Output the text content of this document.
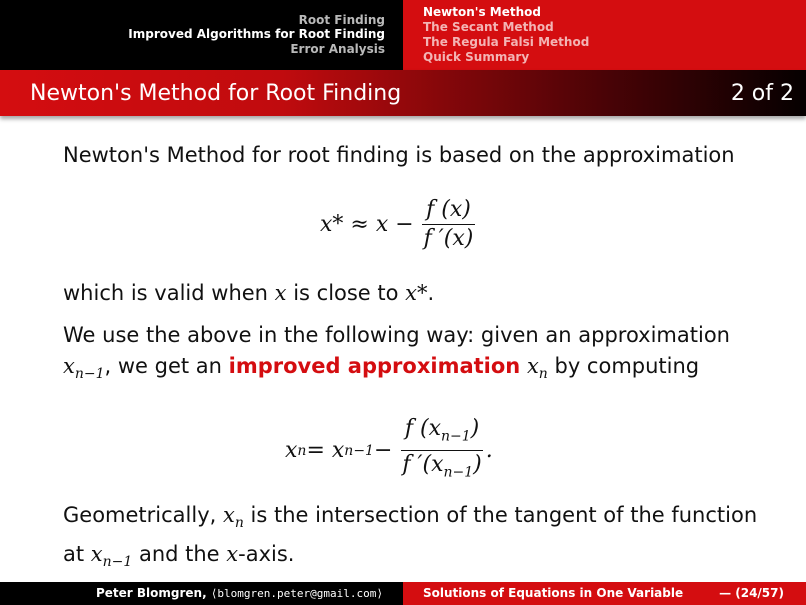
Root Finding
Improved Algorithms for Root Finding
Error Analysis
Newton's Method
The Secant Method
The Regula Falsi Method
Quick Summary
Newton's Method for Root Finding	2 of 2

Newton's Method for root finding is based on the approximation

$x* \approx x - \frac{f (x)}{f '(x)}$

which is valid when x is close to x*.

We use the above in the following way: given an approximation

$x_{n-1}$, we get an improved approximation $x_n$ by computing

x n = x $n-1 - \frac{f (x_{n-1})}{f '(x_{n-1})}$ .

Geometrically, $x_n$ is the intersection of the tangent of the function

at $x_{n-1}$ and the x-axis.

Peter Blomgren, ⟨blomgren.peter@gmail.com⟩	Solutions of Equations in One Variable	— (24/57)
